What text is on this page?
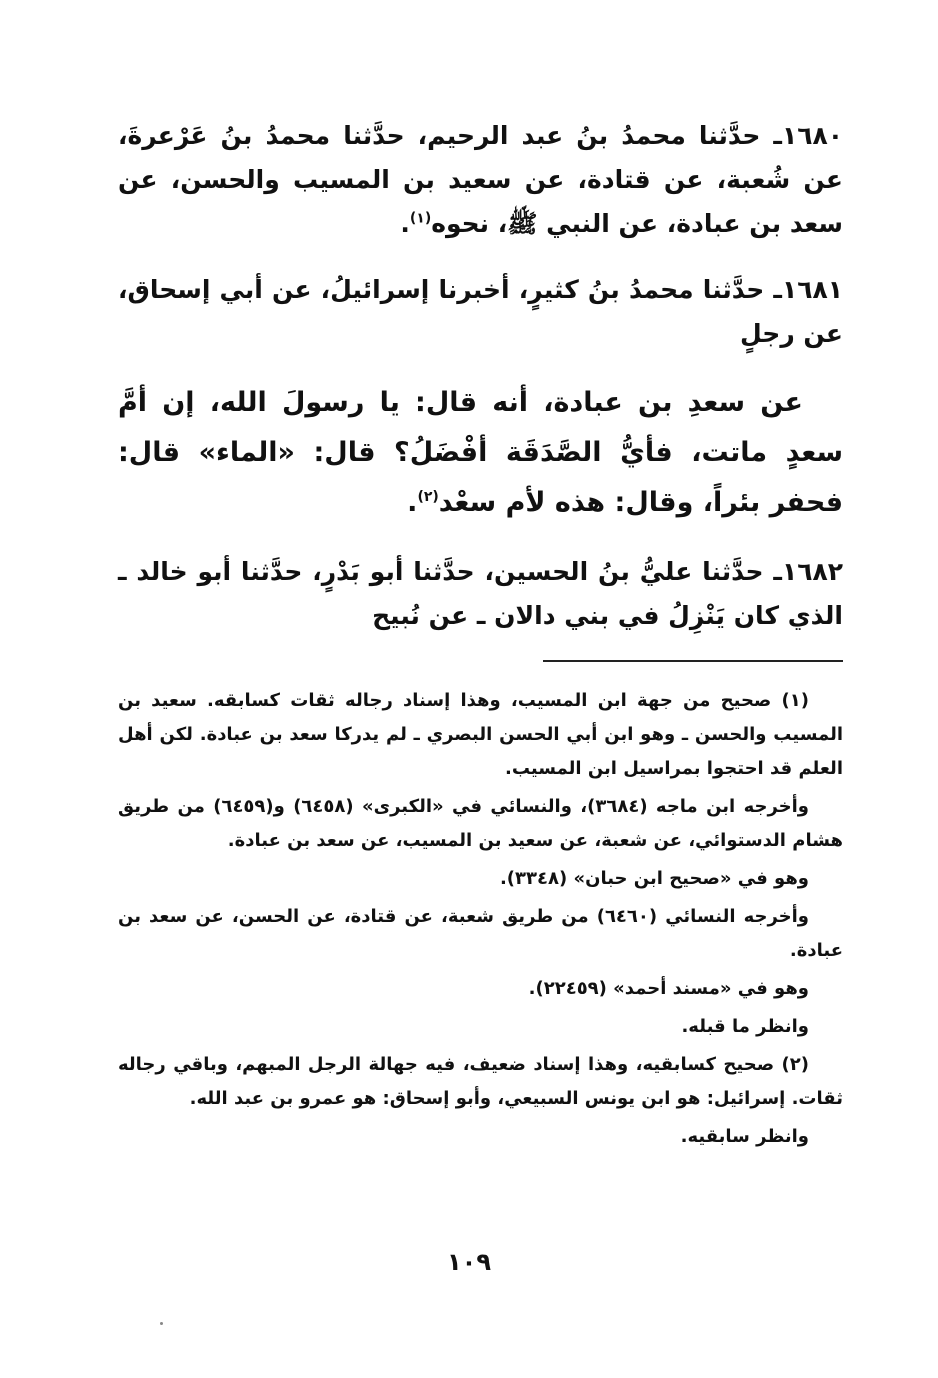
١٦٨٠ـ حدَّثنا محمدُ بنُ عبد الرحيم، حدَّثنا محمدُ بنُ عَرْعرةَ، عن شُعبة، عن قتادة، عن سعيد بن المسيب والحسن، عن سعد بن عبادة، عن النبي ﷺ، نحوه$^{(١)}$.

١٦٨١ـ حدَّثنا محمدُ بنُ كثيرٍ، أخبرنا إسرائيلُ، عن أبي إسحاق، عن رجلٍ

عن سعدِ بن عبادة، أنه قال: يا رسولَ الله، إن أمَّ سعدٍ ماتت، فأيُّ الصَّدَقَة أفْضَلُ؟ قال: «الماء» قال: فحفر بئراً، وقال: هذه لأم سعْد$^{(٢)}$.

١٦٨٢ـ حدَّثنا عليُّ بنُ الحسين، حدَّثنا أبو بَدْرٍ، حدَّثنا أبو خالد ـ الذي كان يَنْزِلُ في بني دالان ـ عن نُبيح

(١) صحيح من جهة ابن المسيب، وهذا إسناد رجاله ثقات كسابقه. سعيد بن المسيب والحسن ـ وهو ابن أبي الحسن البصري ـ لم يدركا سعد بن عبادة. لكن أهل العلم قد احتجوا بمراسيل ابن المسيب.

وأخرجه ابن ماجه (٣٦٨٤)، والنسائي في «الكبرى» (٦٤٥٨) و(٦٤٥٩) من طريق هشام الدستوائي، عن شعبة، عن سعيد بن المسيب، عن سعد بن عبادة.

وهو في «صحيح ابن حبان» (٣٣٤٨).

وأخرجه النسائي (٦٤٦٠) من طريق شعبة، عن قتادة، عن الحسن، عن سعد بن عبادة.

وهو في «مسند أحمد» (٢٢٤٥٩).

وانظر ما قبله.

(٢) صحيح كسابقيه، وهذا إسناد ضعيف، فيه جهالة الرجل المبهم، وباقي رجاله ثقات. إسرائيل: هو ابن يونس السبيعي، وأبو إسحاق: هو عمرو بن عبد الله.

وانظر سابقيه.

١٠٩
